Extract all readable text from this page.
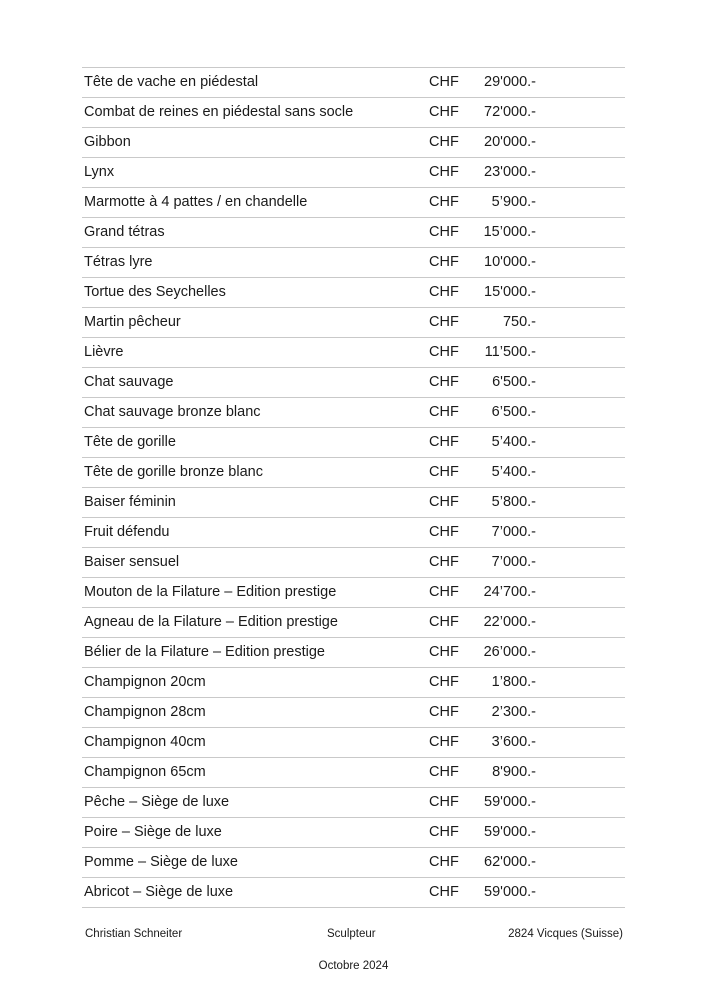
Tête de vache en piédestal	CHF 29'000.-
Combat de reines en piédestal sans socle	CHF 72'000.-
Gibbon	CHF 20'000.-
Lynx	CHF 23'000.-
Marmotte à 4 pattes / en chandelle	CHF 5’900.-
Grand tétras	CHF 15’000.-
Tétras lyre	CHF 10'000.-
Tortue des Seychelles	CHF 15'000.-
Martin pêcheur	CHF	750.-
Lièvre	CHF 11’500.-
Chat sauvage	CHF 6'500.-
Chat sauvage bronze blanc	CHF 6’500.-
Tête de gorille	CHF 5’400.-
Tête de gorille bronze blanc	CHF 5’400.-
Baiser féminin	CHF 5’800.-
Fruit défendu	CHF 7’000.-
Baiser sensuel	CHF 7’000.-
Mouton de la Filature – Edition prestige	CHF 24’700.-
Agneau de la Filature – Edition prestige	CHF 22’000.-
Bélier de la Filature – Edition prestige	CHF 26’000.-
Champignon 20cm	CHF 1’800.-
Champignon 28cm	CHF 2’300.-
Champignon 40cm	CHF 3’600.-
Champignon 65cm	CHF 8'900.-
Pêche – Siège de luxe	CHF 59'000.-
Poire – Siège de luxe	CHF 59'000.-
Pomme – Siège de luxe	CHF 62'000.-
Abricot – Siège de luxe	CHF 59'000.-
Christian Schneiter	Sculpteur	2824 Vicques (Suisse)
Octobre 2024
